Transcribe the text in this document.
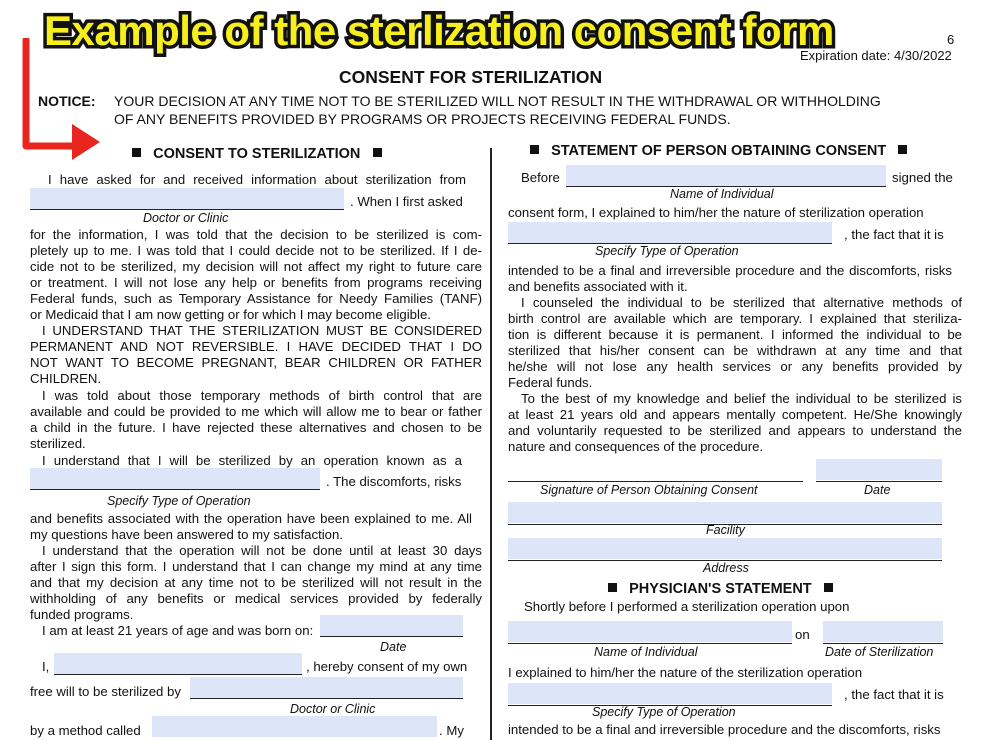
6
Expiration date: 4/30/2022
CONSENT FOR STERILIZATION
NOTICE: YOUR DECISION AT ANY TIME NOT TO BE STERILIZED WILL NOT RESULT IN THE WITHDRAWAL OR WITHHOLDING
OF ANY BENEFITS PROVIDED BY PROGRAMS OR PROJECTS RECEIVING FEDERAL FUNDS.
Example of the sterlization consent form
CONSENT TO STERILIZATION
I have asked for and received information about sterilization from
. When I first asked
Doctor or Clinic
for the information, I was told that the decision to be sterilized is com-
pletely up to me. I was told that I could decide not to be sterilized. If I de-
cide not to be sterilized, my decision will not affect my right to future care
or treatment. I will not lose any help or benefits from programs receiving
Federal funds, such as Temporary Assistance for Needy Families (TANF)
or Medicaid that I am now getting or for which I may become eligible.
I UNDERSTAND THAT THE STERILIZATION MUST BE CONSIDERED
PERMANENT AND NOT REVERSIBLE. I HAVE DECIDED THAT I DO
NOT WANT TO BECOME PREGNANT, BEAR CHILDREN OR FATHER
CHILDREN.
I was told about those temporary methods of birth control that are
available and could be provided to me which will allow me to bear or father
a child in the future. I have rejected these alternatives and chosen to be
sterilized.
I understand that I will be sterilized by an operation known as a
. The discomforts, risks
Specify Type of Operation
and benefits associated with the operation have been explained to me. All
my questions have been answered to my satisfaction.
I understand that the operation will not be done until at least 30 days
after I sign this form. I understand that I can change my mind at any time
and that my decision at any time not to be sterilized will not result in the
withholding of any benefits or medical services provided by federally
funded programs.
I am at least 21 years of age and was born on:
Date
I,	, hereby consent of my own
free will to be sterilized by
Doctor or Clinic
by a method called	. My
STATEMENT OF PERSON OBTAINING CONSENT
Before	signed the
Name of Individual
consent form, I explained to him/her the nature of sterilization operation
, the fact that it is
Specify Type of Operation
intended to be a final and irreversible procedure and the discomforts, risks
and benefits associated with it.
I counseled the individual to be sterilized that alternative methods of
birth control are available which are temporary. I explained that steriliza-
tion is different because it is permanent. I informed the individual to be
sterilized that his/her consent can be withdrawn at any time and that
he/she will not lose any health services or any benefits provided by
Federal funds.
To the best of my knowledge and belief the individual to be sterilized is
at least 21 years old and appears mentally competent. He/She knowingly
and voluntarily requested to be sterilized and appears to understand the
nature and consequences of the procedure.
Signature of Person Obtaining Consent	Date
Facility
Address
PHYSICIAN'S STATEMENT
Shortly before I performed a sterilization operation upon
on
Name of Individual	Date of Sterilization
I explained to him/her the nature of the sterilization operation
, the fact that it is
Specify Type of Operation
intended to be a final and irreversible procedure and the discomforts, risks
